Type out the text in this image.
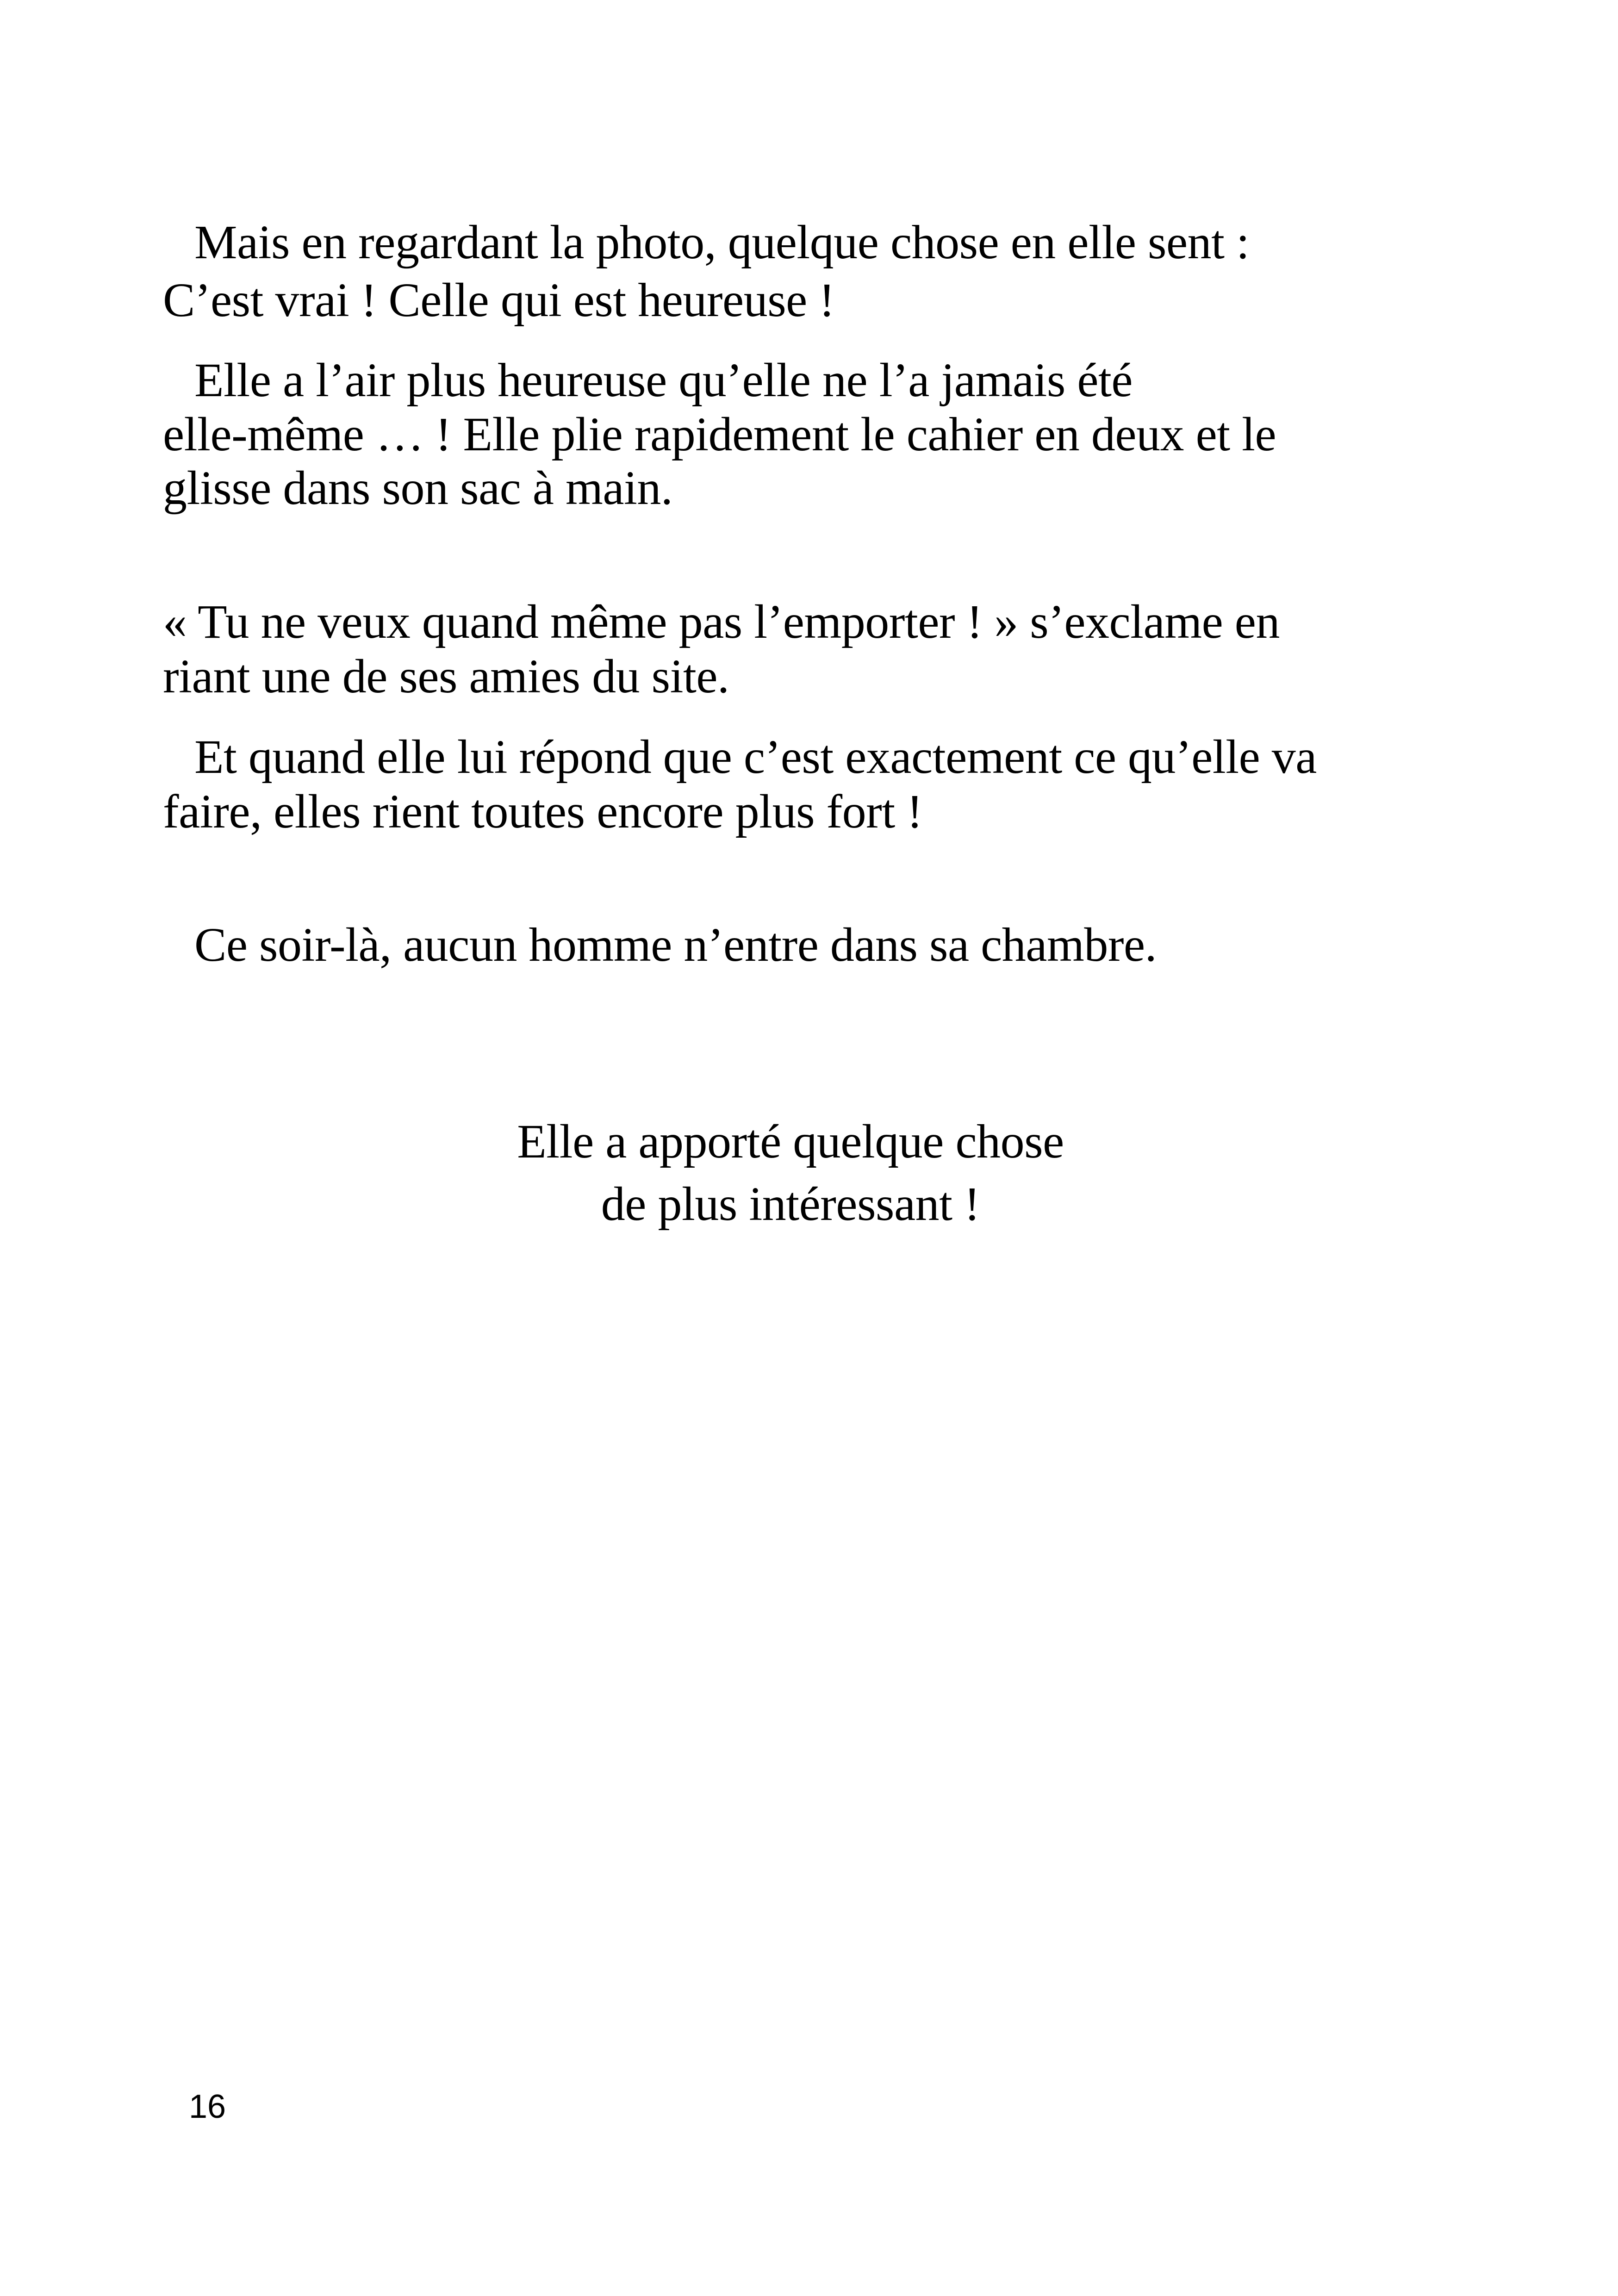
Mais en regardant la photo, quelque chose en elle sent :

C’est vrai ! Celle qui est heureuse !

Elle a l’air plus heureuse qu’elle ne l’a jamais été

elle-même … ! Elle plie rapidement le cahier en deux et le

glisse dans son sac à main.

« Tu ne veux quand même pas l’emporter ! » s’exclame en

riant une de ses amies du site.

Et quand elle lui répond que c’est exactement ce qu’elle va

faire, elles rient toutes encore plus fort !

Ce soir-là, aucun homme n’entre dans sa chambre.

Elle a apporté quelque chose

de plus intéressant !

16
